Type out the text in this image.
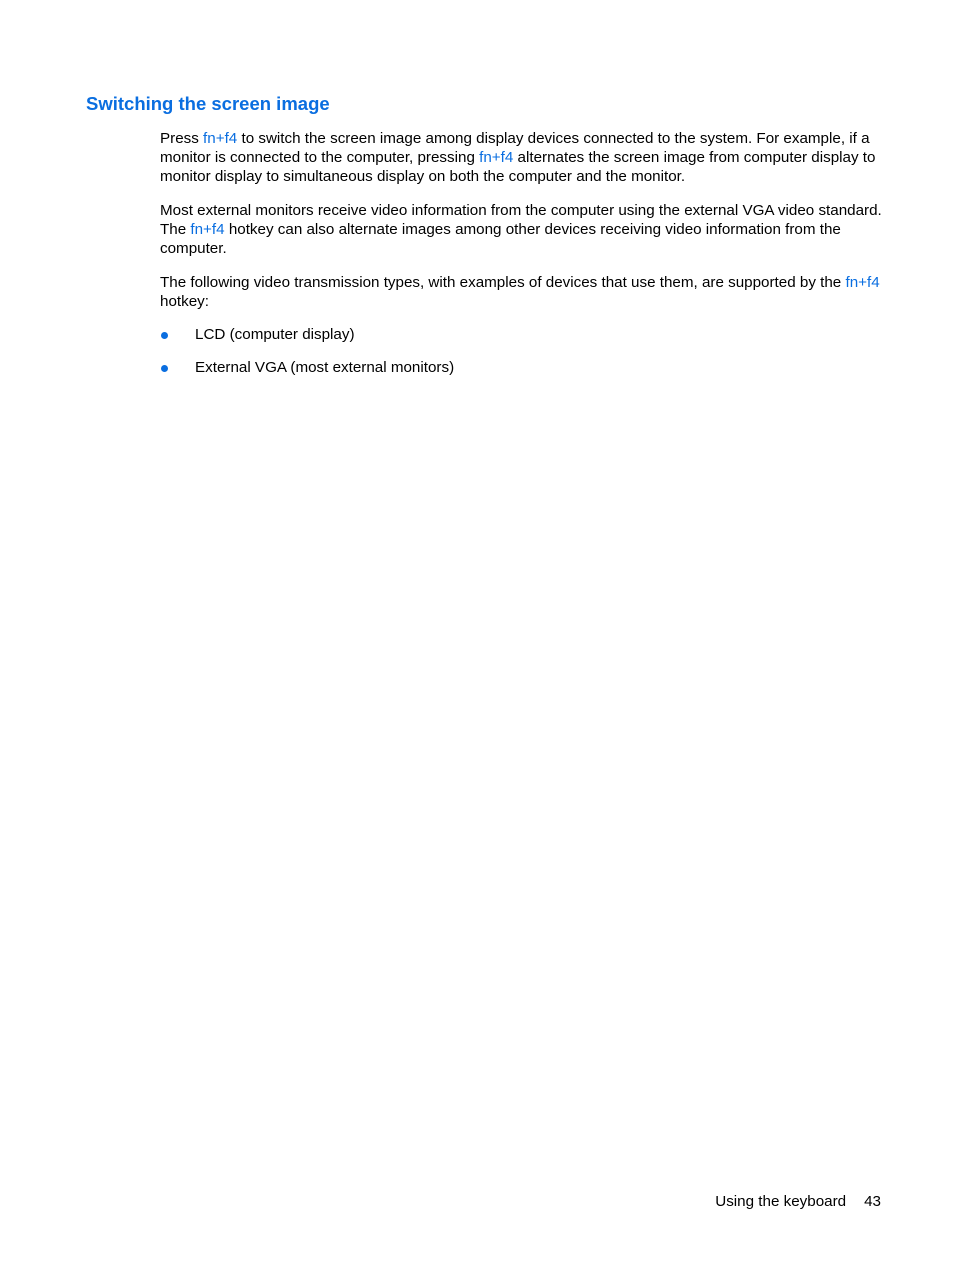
Switching the screen image

Press fn+f4 to switch the screen image among display devices connected to the system. For example, if a monitor is connected to the computer, pressing fn+f4 alternates the screen image from computer display to monitor display to simultaneous display on both the computer and the monitor.

Most external monitors receive video information from the computer using the external VGA video standard. The fn+f4 hotkey can also alternate images among other devices receiving video information from the computer.

The following video transmission types, with examples of devices that use them, are supported by the fn+f4 hotkey:

LCD (computer display)
External VGA (most external monitors)
Using the keyboard 43
